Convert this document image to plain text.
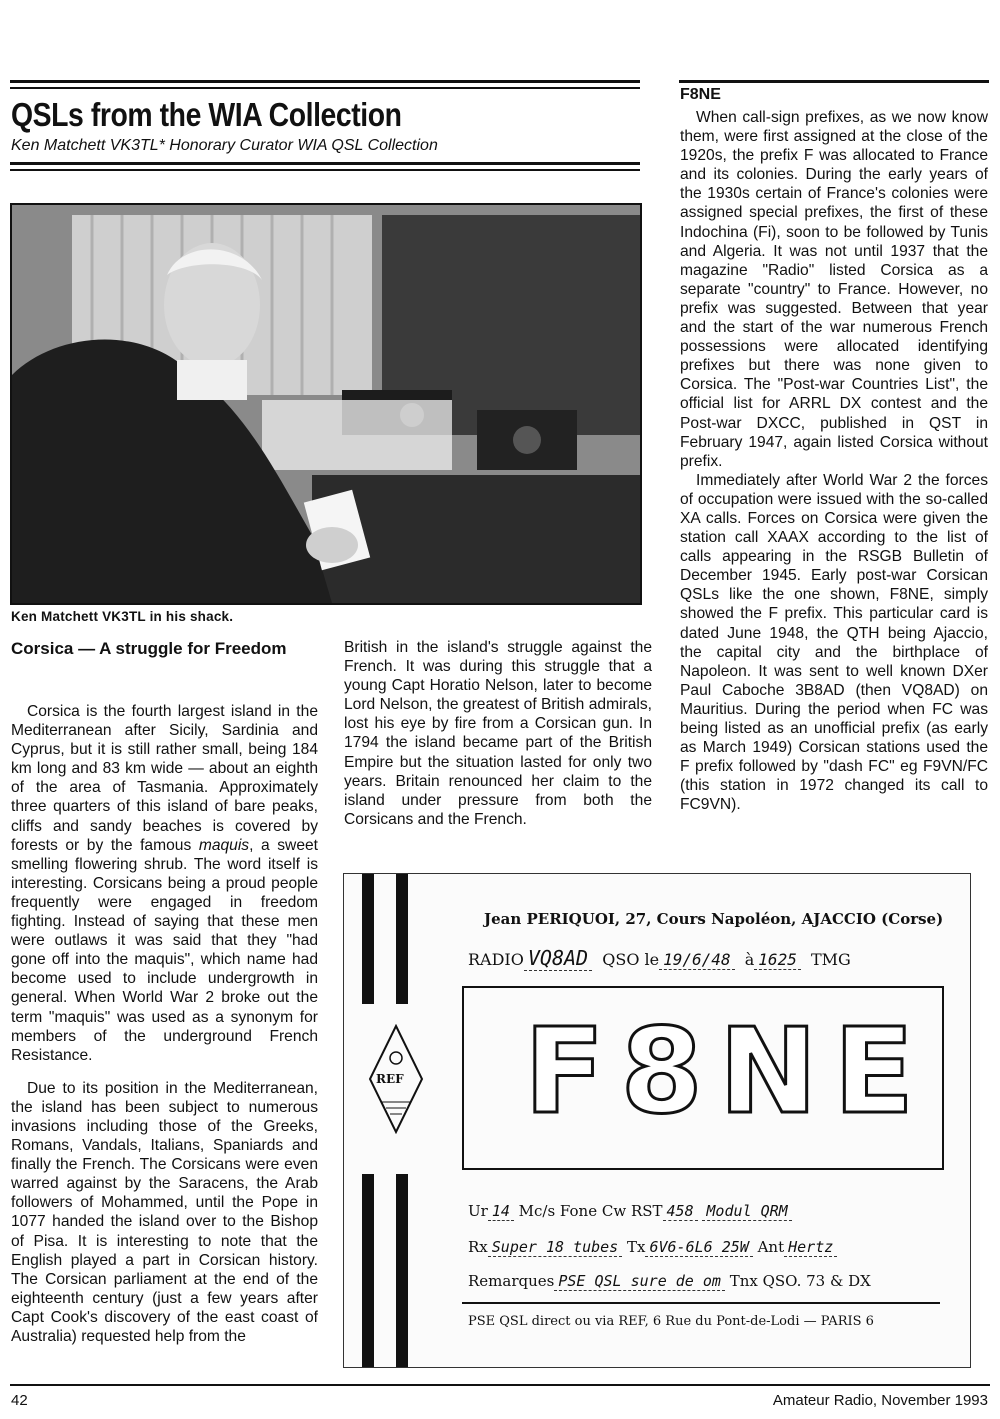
QSLs from the WIA Collection
Ken Matchett VK3TL* Honorary Curator WIA QSL Collection
Ken Matchett VK3TL in his shack.
Corsica — A struggle for Freedom

Corsica is the fourth largest island in the Mediterranean after Sicily, Sardinia and Cyprus, but it is still rather small, being 184 km long and 83 km wide — about an eighth of the area of Tasmania. Approximately three quarters of this island of bare peaks, cliffs and sandy beaches is covered by forests or by the famous maquis, a sweet smelling flowering shrub. The word itself is interesting. Corsicans being a proud people frequently were engaged in freedom fighting. Instead of saying that these men were outlaws it was said that they "had gone off into the maquis", which name had become used to include undergrowth in general. When World War 2 broke out the term "maquis" was used as a synonym for members of the underground French Resistance.

Due to its position in the Mediterranean, the island has been subject to numerous invasions including those of the Greeks, Romans, Vandals, Italians, Spaniards and finally the French. The Corsicans were even warred against by the Saracens, the Arab followers of Mohammed, until the Pope in 1077 handed the island over to the Bishop of Pisa. It is interesting to note that the English played a part in Corsican history. The Corsican parliament at the end of the eighteenth century (just a few years after Capt Cook's discovery of the east coast of Australia) requested help from the

British in the island's struggle against the French. It was during this struggle that a young Capt Horatio Nelson, later to become Lord Nelson, the greatest of British admirals, lost his eye by fire from a Corsican gun. In 1794 the island became part of the British Empire but the situation lasted for only two years. Britain renounced her claim to the island under pressure from both the Corsicans and the French.

F8NE

When call-sign prefixes, as we now know them, were first assigned at the close of the 1920s, the prefix F was allocated to France and its colonies. During the early years of the 1930s certain of France's colonies were assigned special prefixes, the first of these Indochina (Fi), soon to be followed by Tunis and Algeria. It was not until 1937 that the magazine "Radio" listed Corsica as a separate "country" to France. However, no prefix was suggested. Between that year and the start of the war numerous French possessions were allocated identifying prefixes but there was none given to Corsica. The "Post-war Countries List", the official list for ARRL DX contest and the Post-war DXCC, published in QST in February 1947, again listed Corsica without prefix.

Immediately after World War 2 the forces of occupation were issued with the so-called XA calls. Forces on Corsica were given the station call XAAX according to the list of calls appearing in the RSGB Bulletin of December 1945. Early post-war Corsican QSLs like the one shown, F8NE, simply showed the F prefix. This particular card is dated June 1948, the QTH being Ajaccio, the capital city and the birthplace of Napoleon. It was sent to well known DXer Paul Caboche 3B8AD (then VQ8AD) on Mauritius. During the period when FC was being listed as an unofficial prefix (as early as March 1949) Corsican stations used the F prefix followed by "dash FC" eg F9VN/FC (this station in 1972 changed its call to FC9VN).

Jean PERIQUOI, 27, Cours Napoléon, AJACCIO (Corse)
RADIO VQ8AD QSO le 19/6/48 à 1625 TMG
F8NE
REF
Ur 14 Mc/s Fone Cw RST 458 Modul QRM
Rx Super 18 tubes Tx 6V6-6L6 25W Ant Hertz
Remarques PSE QSL sure de om Tnx QSO. 73 & DX
PSE QSL direct ou via REF, 6 Rue du Pont-de-Lodi — PARIS 6
42	Amateur Radio, November 1993
